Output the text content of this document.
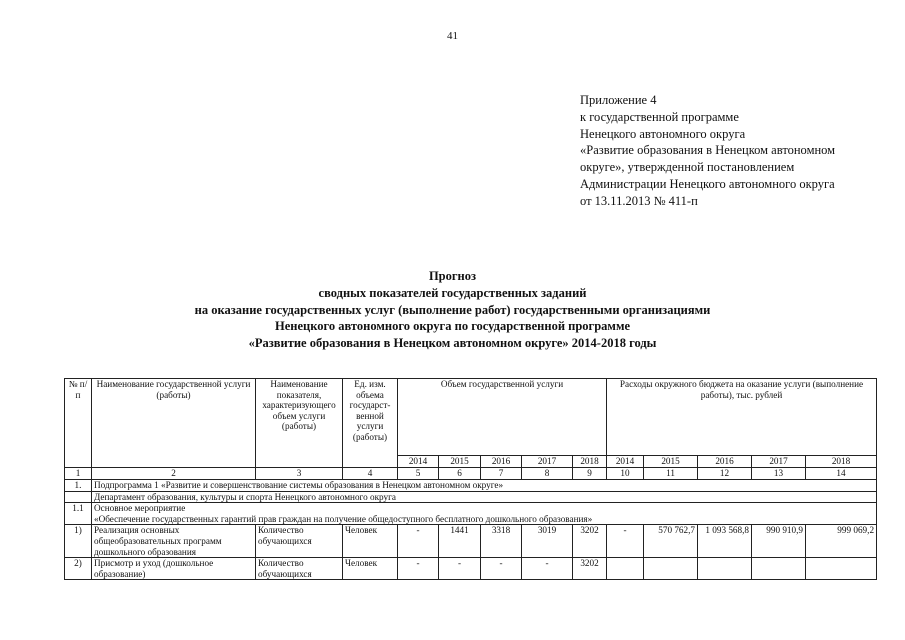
41
Приложение 4
к государственной программе
Ненецкого автономного округа
«Развитие образования в Ненецком автономном
округе», утвержденной постановлением
Администрации Ненецкого автономного округа
от 13.11.2013 № 411-п
Прогноз
сводных показателей государственных заданий
на оказание государственных услуг (выполнение работ) государственными организациями
Ненецкого автономного округа по государственной программе
«Развитие образования в Ненецком автономном округе» 2014-2018 годы
№ п/п	Наименование государственной услуги (работы)	Наименование показателя, характеризующего объем услуги (работы)	Ед. изм. объема государст-венной услуги (работы)	Объем государственной услуги					Расходы окружного бюджета на оказание услуги (выполнение работы), тыс. рублей				
				2014	2015	2016	2017	2018	2014	2015	2016	2017	2018
1	2	3	4	5	6	7	8	9	10	11	12	13	14
1.	Подпрограмма 1 «Развитие и совершенствование системы образования в Ненецком автономном округе»												
	Департамент образования, культуры и спорта Ненецкого автономного округа												
1.1	Основное мероприятие
«Обеспечение государственных гарантий прав граждан на получение общедоступного бесплатного дошкольного образования»												

1)	Реализация основных общеобразовательных программ дошкольного образования	Количество обучающихся	Человек	-	1441	3318	3019	3202	-	570 762,7	1 093 568,8	990 910,9	999 069,2
2)	Присмотр и уход (дошкольное образование)	Количество обучающихся	Человек	-	-	-	-	3202					
